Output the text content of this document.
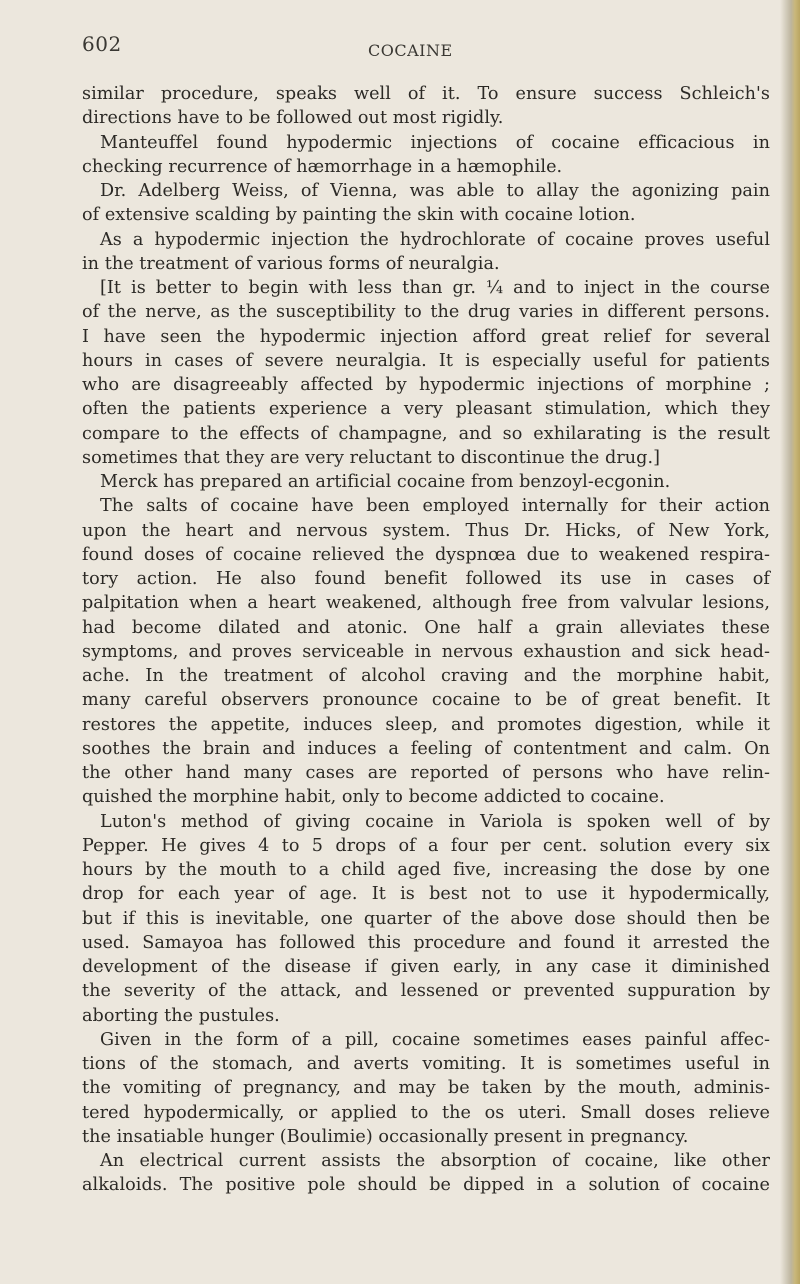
602	COCAINE
similar procedure, speaks well of it. To ensure success Schleich's
directions have to be followed out most rigidly.
Manteuffel found hypodermic injections of cocaine efficacious in
checking recurrence of hæmorrhage in a hæmophile.
Dr. Adelberg Weiss, of Vienna, was able to allay the agonizing pain
of extensive scalding by painting the skin with cocaine lotion.
As a hypodermic injection the hydrochlorate of cocaine proves useful
in the treatment of various forms of neuralgia.
[It is better to begin with less than gr. ¼ and to inject in the course
of the nerve, as the susceptibility to the drug varies in different persons.
I have seen the hypodermic injection afford great relief for several
hours in cases of severe neuralgia. It is especially useful for patients
who are disagreeably affected by hypodermic injections of morphine ;
often the patients experience a very pleasant stimulation, which they
compare to the effects of champagne, and so exhilarating is the result
sometimes that they are very reluctant to discontinue the drug.]
Merck has prepared an artificial cocaine from benzoyl-ecgonin.
The salts of cocaine have been employed internally for their action
upon the heart and nervous system. Thus Dr. Hicks, of New York,
found doses of cocaine relieved the dyspnœa due to weakened respira-
tory action. He also found benefit followed its use in cases of
palpitation when a heart weakened, although free from valvular lesions,
had become dilated and atonic. One half a grain alleviates these
symptoms, and proves serviceable in nervous exhaustion and sick head-
ache. In the treatment of alcohol craving and the morphine habit,
many careful observers pronounce cocaine to be of great benefit. It
restores the appetite, induces sleep, and promotes digestion, while it
soothes the brain and induces a feeling of contentment and calm. On
the other hand many cases are reported of persons who have relin-
quished the morphine habit, only to become addicted to cocaine.
Luton's method of giving cocaine in Variola is spoken well of by
Pepper. He gives 4 to 5 drops of a four per cent. solution every six
hours by the mouth to a child aged five, increasing the dose by one
drop for each year of age. It is best not to use it hypodermically,
but if this is inevitable, one quarter of the above dose should then be
used. Samayoa has followed this procedure and found it arrested the
development of the disease if given early, in any case it diminished
the severity of the attack, and lessened or prevented suppuration by
aborting the pustules.
Given in the form of a pill, cocaine sometimes eases painful affec-
tions of the stomach, and averts vomiting. It is sometimes useful in
the vomiting of pregnancy, and may be taken by the mouth, adminis-
tered hypodermically, or applied to the os uteri. Small doses relieve
the insatiable hunger (Boulimie) occasionally present in pregnancy.
An electrical current assists the absorption of cocaine, like other
alkaloids. The positive pole should be dipped in a solution of cocaine
